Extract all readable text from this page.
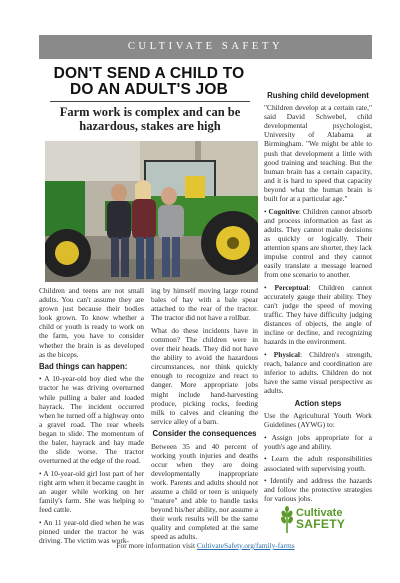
CULTIVATE SAFETY
DON'T SEND A CHILD TO DO AN ADULT'S JOB
Farm work is complex and can be hazardous, stakes are high

Children and teens are not small adults. You can't assume they are grown just because their bodies look grown. To know whether a child or youth is ready to work on the farm, you have to consider whether the brain is as developed as the biceps.

Bad things can happen:

• A 10-year-old boy died whe the tractor he was driving overturned while pulling a baler and loaded hayrack. The incident occurred when he turned off a highway onto a gravel road. The rear wheels began to slide. The momentum of the baler, hayrack and hay made the slide worse. The tractor overturned at the edge of the road.

• A 10-year-old girl lost part of her right arm when it became caught in an auger while working on her family's farm. She was helping to feed cattle.

• An 11 year-old died when he was pinned under the tractor he was driving. The victim was work-

ing by himself moving large round bales of hay with a bale spear attached to the rear of the tractor. The tractor did not have a rollbar.

What do these incidents have in common? The children were in over their heads. They did not have the ability to avoid the hazardous circumstances, nor think quickly enough to recognize and react to danger. More appropriate jobs might include hand-harvesting produce, picking rocks, feeding milk to calves and cleaning the service alley of a barn.

Consider the consequences

Between 35 and 40 percent of working youth injuries and deaths occur when they are doing developmentally inappropriate work. Parents and adults should not assume a child or teen is uniquely "mature" and able to handle tasks beyond his/her ability, nor assume a their work results will be the same quality and completed at the same speed as adults.

Rushing child development

"Children develop at a certain rate," said David Schwebel, child developmental psychologist, University of Alabama at Birmingham. "We might be able to push that development a little with good training and teaching. But the human brain has a certain capacity, and it is hard to speed that capacity beyond what the human brain is built for at a particular age."

• Cognitive: Children cannot absorb and process information as fast as adults. They cannot make decisions as quickly or logically. Their attention spans are shorter, they lack impulse control and they cannot easily translate a message learned from one scenario to another.

• Perceptual: Children cannot accurately gauge their ability. They can't judge the speed of moving traffic. They have difficulty judging distances of objects, the angle of incline or decline, and recognizing hazards in the environment.

• Physical: Children's strength, reach, balance and coordination are inferior to adults. Children do not have the same visual perspective as adults.

Action steps

Use the Agricultural Youth Work Guidelines (AYWG) to:

• Assign jobs appropriate for a youth's age and ability.

• Learn the adult responsibilities associated with supervising youth.

• Identify and address the hazards and follow the protective strategies for various jobs.

Cultivate
SAFETY
For more information visit CultivateSafety.org/family-farms
